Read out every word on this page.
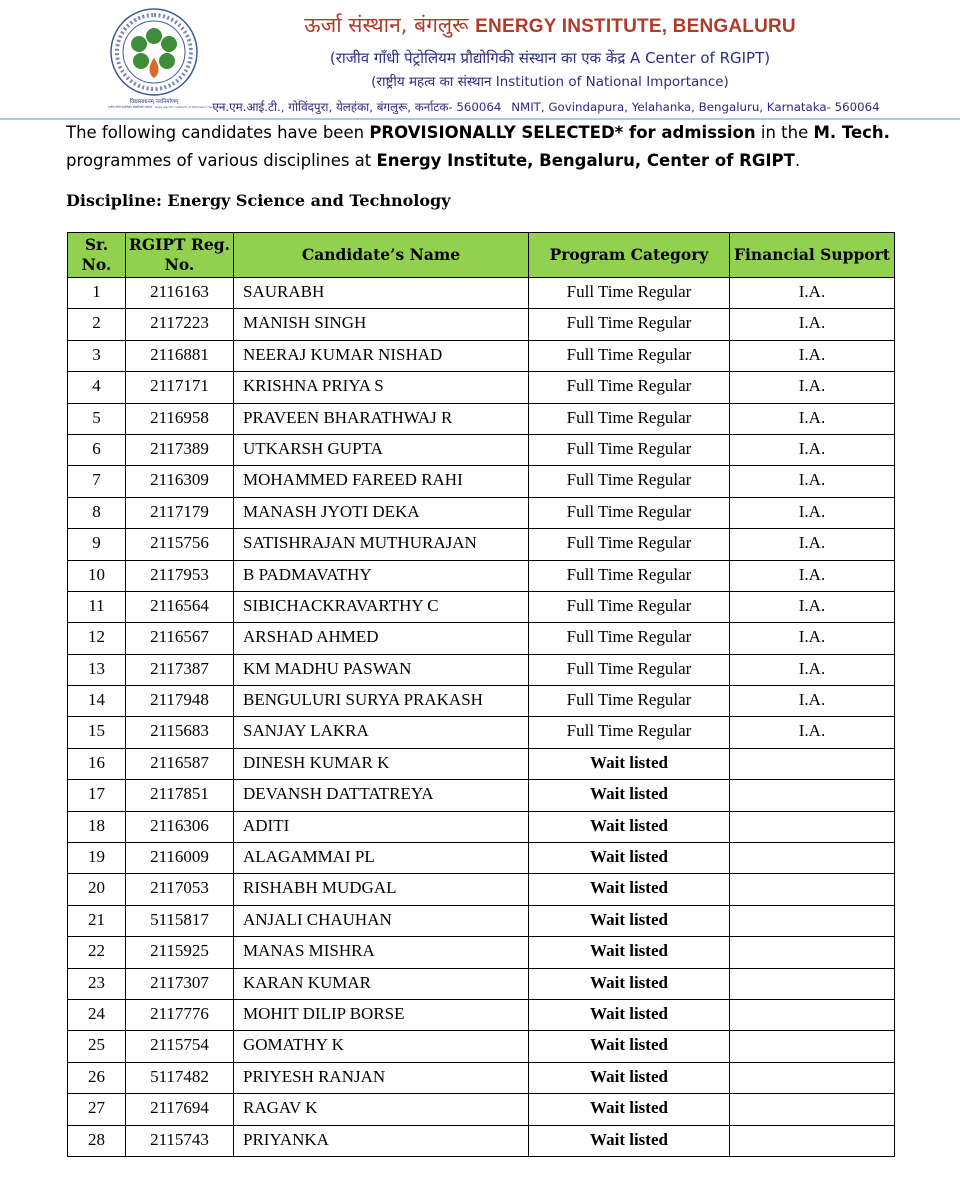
विद्यासाधनम् नवनिर्माणम्
राजीव गाँधी पेट्रोलियम प्रौद्योगिकी संस्थान · Rajiv Gandhi Institute of Petroleum Technology
ऊर्जा संस्थान, बंगलुरू ENERGY INSTITUTE, BENGALURU
(राजीव गाँधी पेट्रोलियम प्रौद्योगिकी संस्थान का एक केंद्र A Center of RGIPT)
(राष्ट्रीय महत्व का संस्थान Institution of National Importance)
एन.एम.आई.टी., गोविंदपुरा, येलहंका, बंगलुरू, कर्नाटक- 560064 NMIT, Govindapura, Yelahanka, Bengaluru, Karnataka- 560064
The following candidates have been PROVISIONALLY SELECTED* for admission in the M. Tech.
programmes of various disciplines at Energy Institute, Bengaluru, Center of RGIPT.
Discipline: Energy Science and Technology
Sr. No.	RGIPT Reg. No.	Candidate’s Name	Program Category	Financial Support
1	2116163	SAURABH	Full Time Regular	I.A.
2	2117223	MANISH SINGH	Full Time Regular	I.A.
3	2116881	NEERAJ KUMAR NISHAD	Full Time Regular	I.A.
4	2117171	KRISHNA PRIYA S	Full Time Regular	I.A.
5	2116958	PRAVEEN BHARATHWAJ R	Full Time Regular	I.A.
6	2117389	UTKARSH GUPTA	Full Time Regular	I.A.
7	2116309	MOHAMMED FAREED RAHI	Full Time Regular	I.A.
8	2117179	MANASH JYOTI DEKA	Full Time Regular	I.A.
9	2115756	SATISHRAJAN MUTHURAJAN	Full Time Regular	I.A.
10	2117953	B PADMAVATHY	Full Time Regular	I.A.
11	2116564	SIBICHACKRAVARTHY C	Full Time Regular	I.A.
12	2116567	ARSHAD AHMED	Full Time Regular	I.A.
13	2117387	KM MADHU PASWAN	Full Time Regular	I.A.
14	2117948	BENGULURI SURYA PRAKASH	Full Time Regular	I.A.
15	2115683	SANJAY LAKRA	Full Time Regular	I.A.
16	2116587	DINESH KUMAR K	Wait listed	
17	2117851	DEVANSH DATTATREYA	Wait listed	
18	2116306	ADITI	Wait listed	
19	2116009	ALAGAMMAI PL	Wait listed	
20	2117053	RISHABH MUDGAL	Wait listed	
21	5115817	ANJALI CHAUHAN	Wait listed	
22	2115925	MANAS MISHRA	Wait listed	
23	2117307	KARAN KUMAR	Wait listed	
24	2117776	MOHIT DILIP BORSE	Wait listed	
25	2115754	GOMATHY K	Wait listed	
26	5117482	PRIYESH RANJAN	Wait listed	
27	2117694	RAGAV K	Wait listed	
28	2115743	PRIYANKA	Wait listed	
